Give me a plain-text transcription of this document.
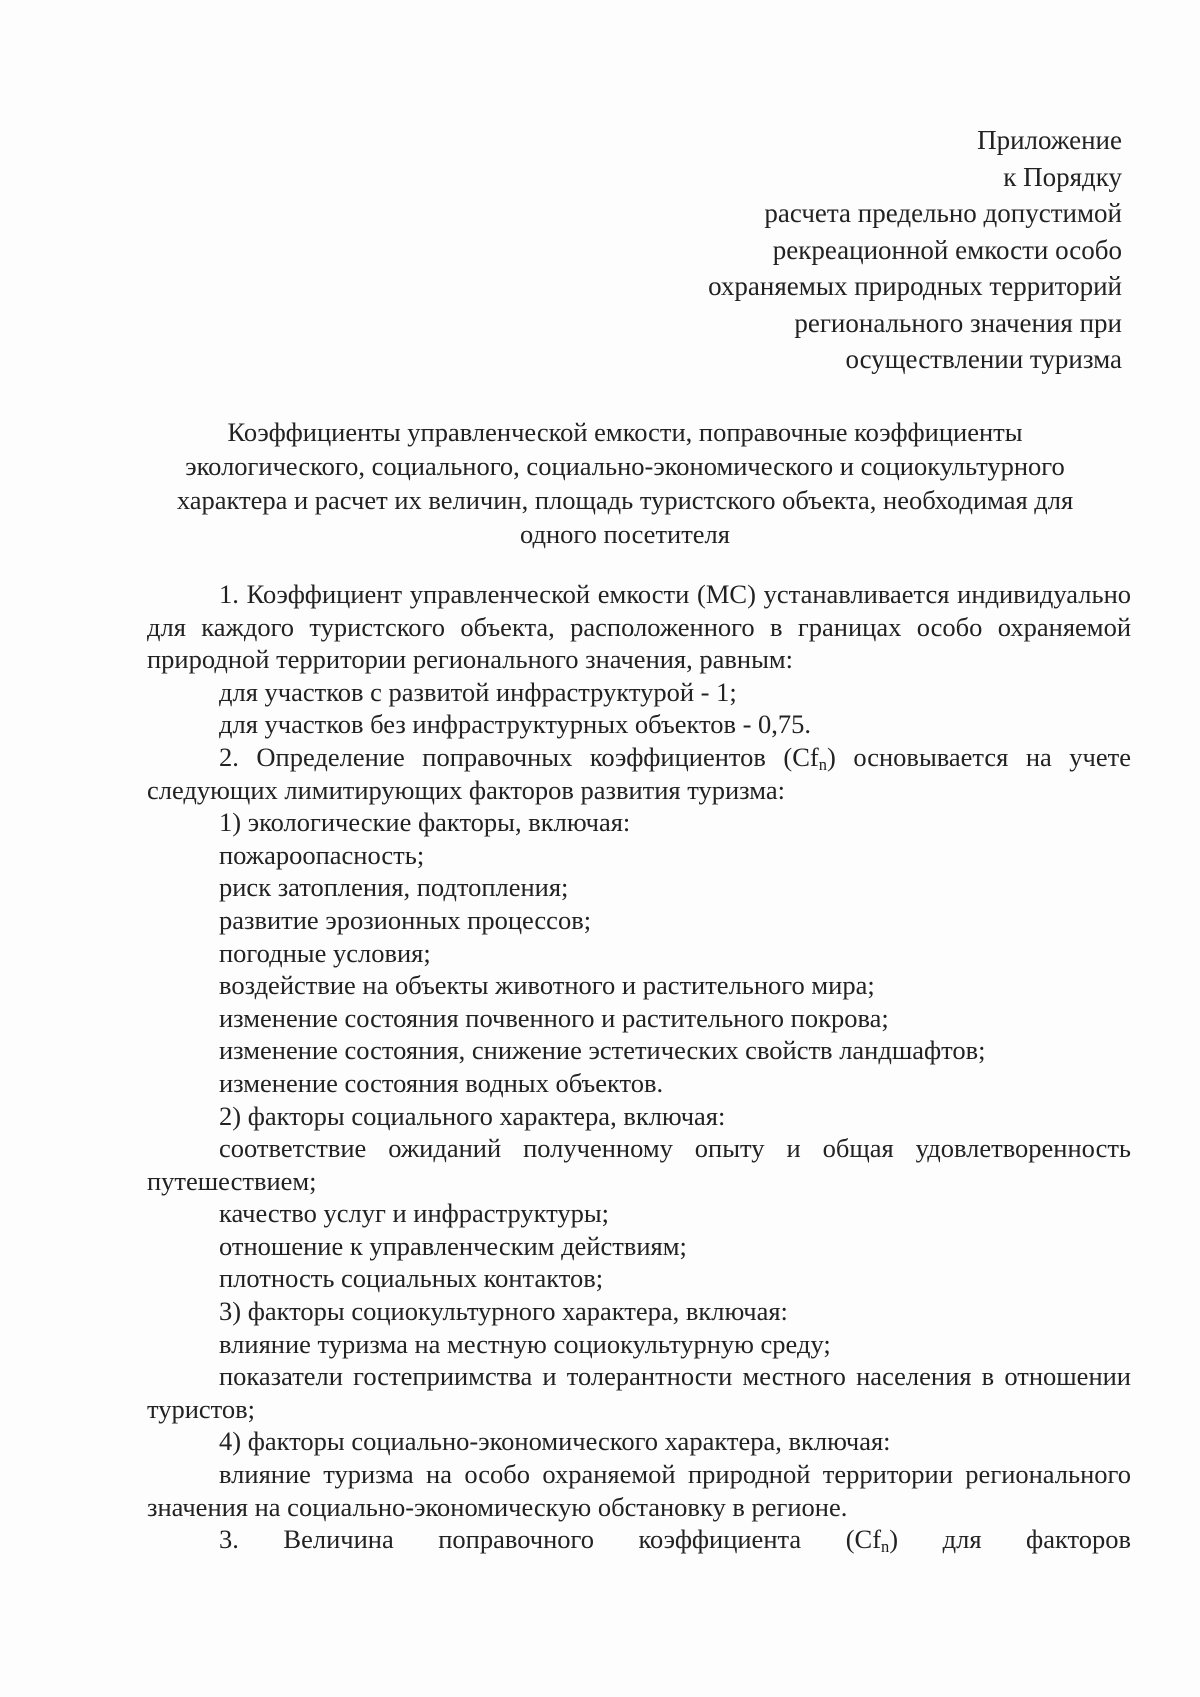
Приложение
к Порядку
расчета предельно допустимой
рекреационной емкости особо
охраняемых природных территорий
регионального значения при
осуществлении туризма
Коэффициенты управленческой емкости, поправочные коэффициенты
экологического, социального, социально-экономического и социокультурного
характера и расчет их величин, площадь туристского объекта, необходимая для
одного посетителя

1. Коэффициент управленческой емкости (МС) устанавливается индивидуально для каждого туристского объекта, расположенного в границах особо охраняемой природной территории регионального значения, равным:

для участков с развитой инфраструктурой - 1;

для участков без инфраструктурных объектов - 0,75.

2. Определение поправочных коэффициентов $(Cf_n)$ основывается на учете следующих лимитирующих факторов развития туризма:

1) экологические факторы, включая:

пожароопасность;

риск затопления, подтопления;

развитие эрозионных процессов;

погодные условия;

воздействие на объекты животного и растительного мира;

изменение состояния почвенного и растительного покрова;

изменение состояния, снижение эстетических свойств ландшафтов;

изменение состояния водных объектов.

2) факторы социального характера, включая:

соответствие ожиданий полученному опыту и общая удовлетворенность путешествием;

качество услуг и инфраструктуры;

отношение к управленческим действиям;

плотность социальных контактов;

3) факторы социокультурного характера, включая:

влияние туризма на местную социокультурную среду;

показатели гостеприимства и толерантности местного населения в отношении туристов;

4) факторы социально-экономического характера, включая:

влияние туризма на особо охраняемой природной территории регионального значения на социально-экономическую обстановку в регионе.

3. Величина поправочного коэффициента $(Cf_n)$ для факторов
